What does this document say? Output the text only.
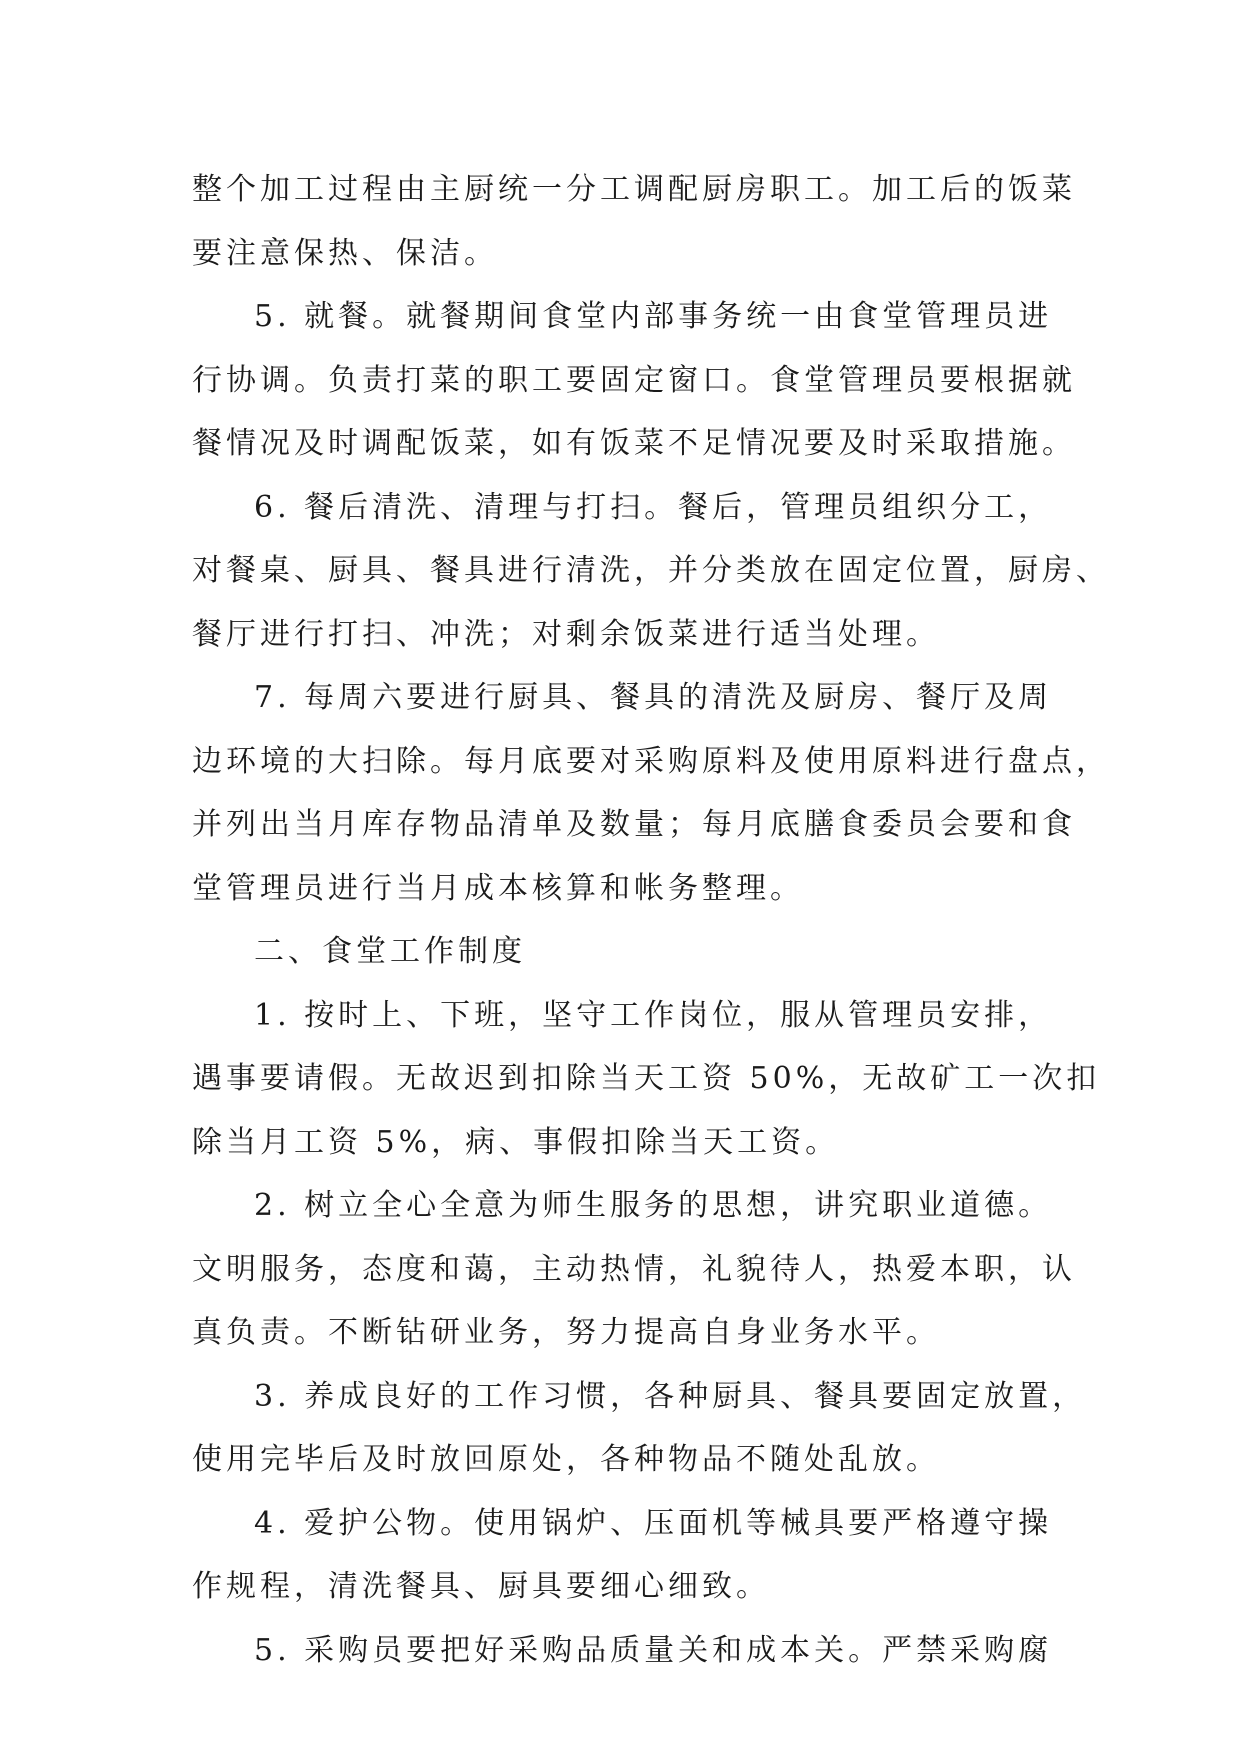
整个加工过程由主厨统一分工调配厨房职工。加工后的饭菜
要注意保热、保洁。
5. 就餐。就餐期间食堂内部事务统一由食堂管理员进
行协调。负责打菜的职工要固定窗口。食堂管理员要根据就
餐情况及时调配饭菜，如有饭菜不足情况要及时采取措施。
6. 餐后清洗、清理与打扫。餐后，管理员组织分工，
对餐桌、厨具、餐具进行清洗，并分类放在固定位置，厨房、
餐厅进行打扫、冲洗；对剩余饭菜进行适当处理。
7. 每周六要进行厨具、餐具的清洗及厨房、餐厅及周
边环境的大扫除。每月底要对采购原料及使用原料进行盘点，
并列出当月库存物品清单及数量；每月底膳食委员会要和食
堂管理员进行当月成本核算和帐务整理。
二、食堂工作制度
1. 按时上、下班，坚守工作岗位，服从管理员安排，
遇事要请假。无故迟到扣除当天工资 50%，无故矿工一次扣
除当月工资 5%，病、事假扣除当天工资。
2. 树立全心全意为师生服务的思想，讲究职业道德。
文明服务，态度和蔼，主动热情，礼貌待人，热爱本职，认
真负责。不断钻研业务，努力提高自身业务水平。
3. 养成良好的工作习惯，各种厨具、餐具要固定放置，
使用完毕后及时放回原处，各种物品不随处乱放。
4. 爱护公物。使用锅炉、压面机等械具要严格遵守操
作规程，清洗餐具、厨具要细心细致。
5. 采购员要把好采购品质量关和成本关。严禁采购腐
